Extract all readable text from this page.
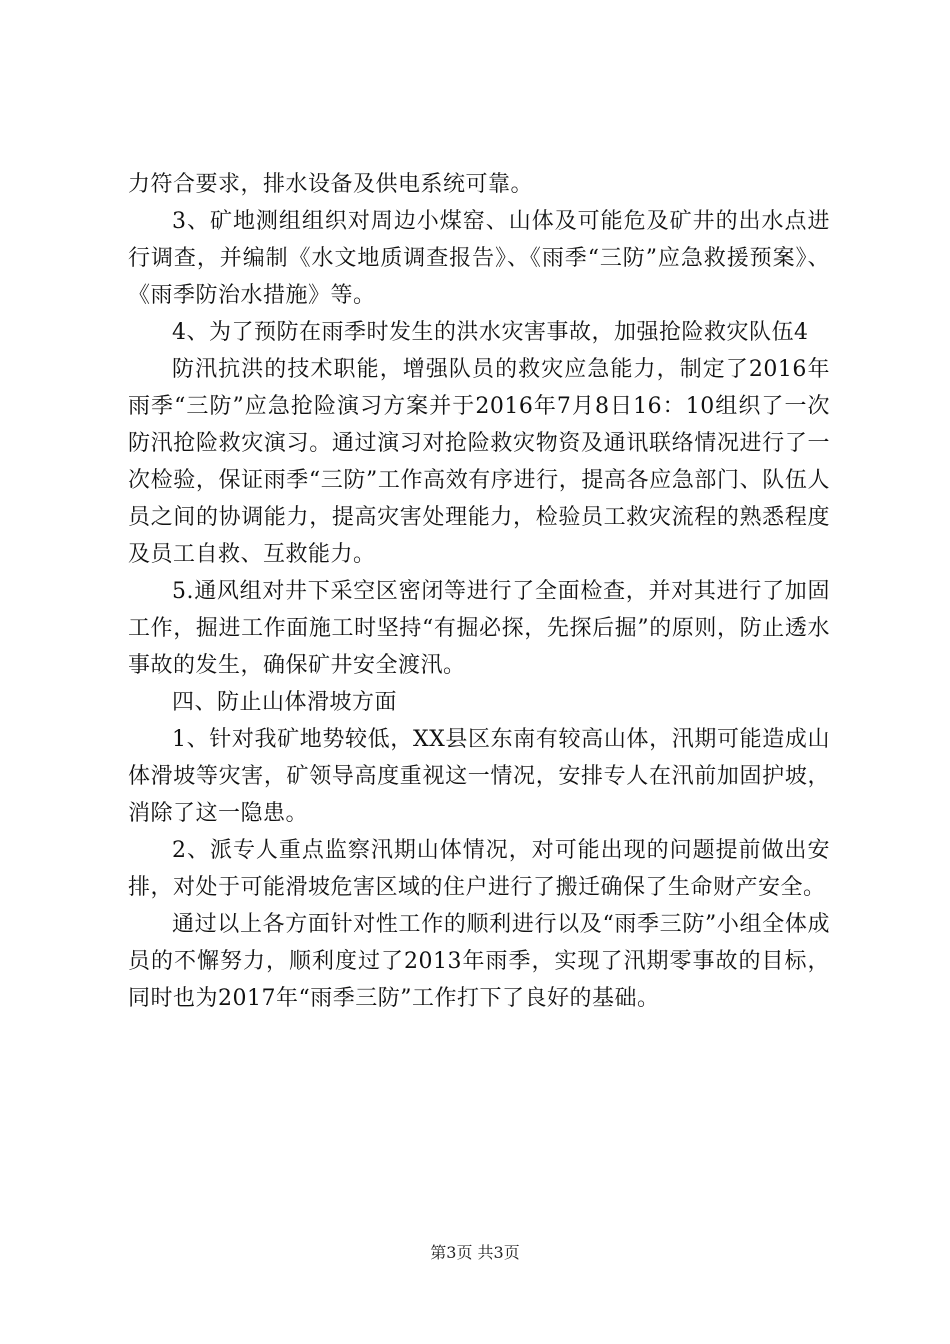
力符合要求，排水设备及供电系统可靠。

3、矿地测组组织对周边小煤窑、山体及可能危及矿井的出水点进行调查，并编制《水文地质调查报告》、《雨季“三防”应急救援预案》、《雨季防治水措施》等。

4、为了预防在雨季时发生的洪水灾害事故，加强抢险救灾队伍4

防汛抗洪的技术职能，增强队员的救灾应急能力，制定了2016年雨季“三防”应急抢险演习方案并于2016年7月8日16：10组织了一次防汛抢险救灾演习。通过演习对抢险救灾物资及通讯联络情况进行了一次检验，保证雨季“三防”工作高效有序进行，提高各应急部门、队伍人员之间的协调能力，提高灾害处理能力，检验员工救灾流程的熟悉程度及员工自救、互救能力。

5.通风组对井下采空区密闭等进行了全面检查，并对其进行了加固工作，掘进工作面施工时坚持“有掘必探，先探后掘”的原则，防止透水事故的发生，确保矿井安全渡汛。

四、防止山体滑坡方面

1、针对我矿地势较低，XX县区东南有较高山体，汛期可能造成山体滑坡等灾害，矿领导高度重视这一情况，安排专人在汛前加固护坡，消除了这一隐患。

2、派专人重点监察汛期山体情况，对可能出现的问题提前做出安排，对处于可能滑坡危害区域的住户进行了搬迁确保了生命财产安全。

通过以上各方面针对性工作的顺利进行以及“雨季三防”小组全体成员的不懈努力，顺利度过了2013年雨季，实现了汛期零事故的目标，同时也为2017年“雨季三防”工作打下了良好的基础。

第3页 共3页
